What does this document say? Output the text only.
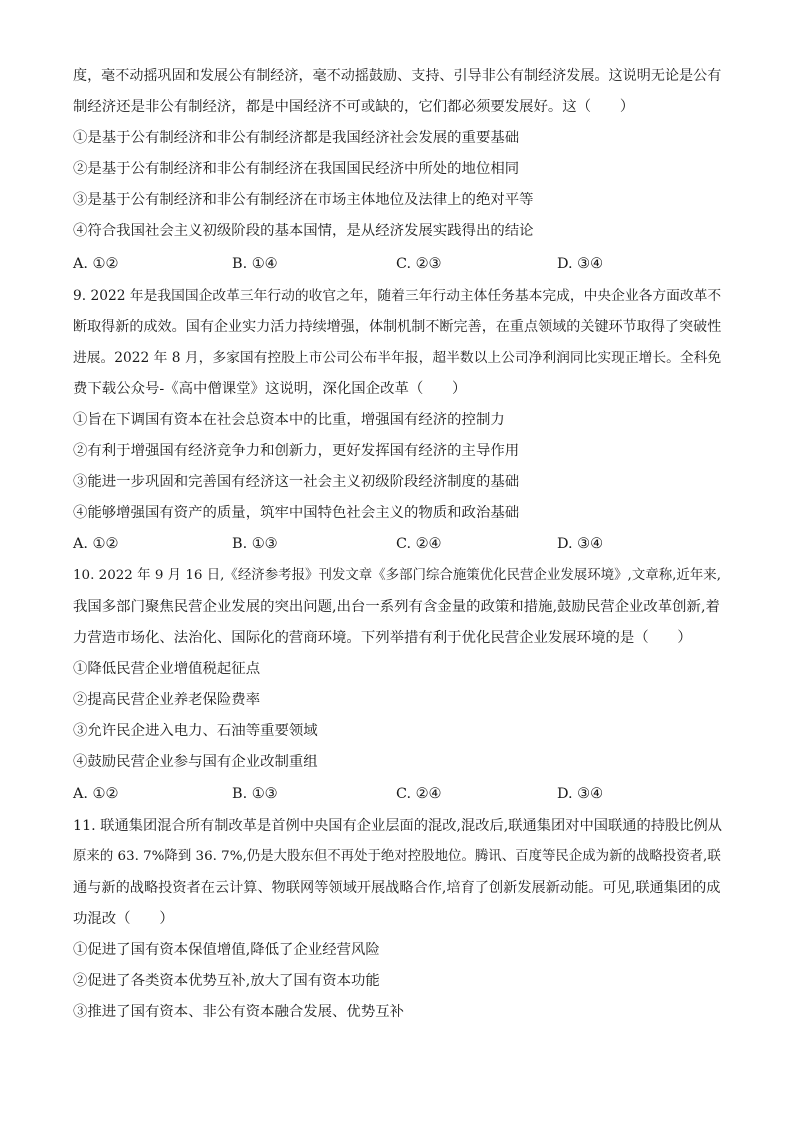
度，毫不动摇巩固和发展公有制经济，毫不动摇鼓励、支持、引导非公有制经济发展。这说明无论是公有
制经济还是非公有制经济，都是中国经济不可或缺的，它们都必须要发展好。这（　　）
①是基于公有制经济和非公有制经济都是我国经济社会发展的重要基础
②是基于公有制经济和非公有制经济在我国国民经济中所处的地位相同
③是基于公有制经济和非公有制经济在市场主体地位及法律上的绝对平等
④符合我国社会主义初级阶段的基本国情，是从经济发展实践得出的结论
A. ①②	B. ①④	C. ②③	D. ③④
9. 2022 年是我国国企改革三年行动的收官之年，随着三年行动主体任务基本完成，中央企业各方面改革不
断取得新的成效。国有企业实力活力持续增强，体制机制不断完善，在重点领域的关键环节取得了突破性
进展。2022 年 8 月，多家国有控股上市公司公布半年报，超半数以上公司净利润同比实现正增长。全科免
费下载公众号-《高中僧课堂》这说明，深化国企改革（　　）
①旨在下调国有资本在社会总资本中的比重，增强国有经济的控制力
②有利于增强国有经济竞争力和创新力，更好发挥国有经济的主导作用
③能进一步巩固和完善国有经济这一社会主义初级阶段经济制度的基础
④能够增强国有资产的质量，筑牢中国特色社会主义的物质和政治基础
A. ①②	B. ①③	C. ②④	D. ③④
10. 2022 年 9 月 16 日,《经济参考报》刊发文章《多部门综合施策优化民营企业发展环境》,文章称,近年来,
我国多部门聚焦民营企业发展的突出问题,出台一系列有含金量的政策和措施,鼓励民营企业改革创新,着
力营造市场化、法治化、国际化的营商环境。下列举措有利于优化民营企业发展环境的是（　　）
①降低民营企业增值税起征点
②提高民营企业养老保险费率
③允许民企进入电力、石油等重要领域
④鼓励民营企业参与国有企业改制重组
A. ①②	B. ①③	C. ②④	D. ③④
11. 联通集团混合所有制改革是首例中央国有企业层面的混改,混改后,联通集团对中国联通的持股比例从
原来的 63. 7%降到 36. 7%,仍是大股东但不再处于绝对控股地位。腾讯、百度等民企成为新的战略投资者,联
通与新的战略投资者在云计算、物联网等领域开展战略合作,培育了创新发展新动能。可见,联通集团的成
功混改（　　）
①促进了国有资本保值增值,降低了企业经营风险
②促进了各类资本优势互补,放大了国有资本功能
③推进了国有资本、非公有资本融合发展、优势互补
